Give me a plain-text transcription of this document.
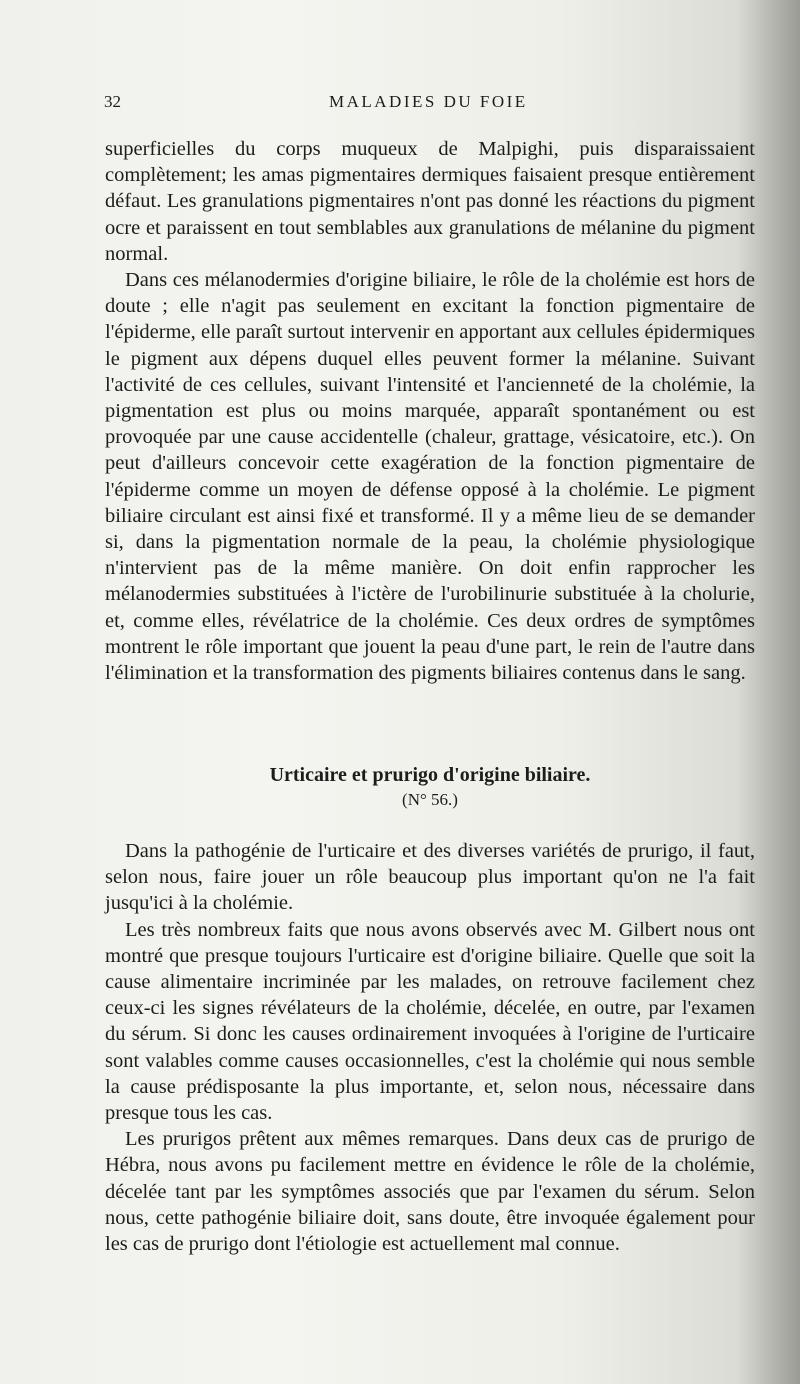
32	MALADIES DU FOIE

superficielles du corps muqueux de Malpighi, puis disparaissaient complètement; les amas pigmentaires dermiques faisaient presque entièrement défaut. Les granulations pigmentaires n'ont pas donné les réactions du pigment ocre et paraissent en tout semblables aux granulations de mélanine du pigment normal.

Dans ces mélanodermies d'origine biliaire, le rôle de la cholémie est hors de doute ; elle n'agit pas seulement en excitant la fonction pigmentaire de l'épiderme, elle paraît surtout intervenir en apportant aux cellules épidermiques le pigment aux dépens duquel elles peuvent former la mélanine. Suivant l'activité de ces cellules, suivant l'intensité et l'ancienneté de la cholémie, la pigmentation est plus ou moins marquée, apparaît spontanément ou est provoquée par une cause accidentelle (chaleur, grattage, vésicatoire, etc.). On peut d'ailleurs concevoir cette exagération de la fonction pigmentaire de l'épiderme comme un moyen de défense opposé à la cholémie. Le pigment biliaire circulant est ainsi fixé et transformé. Il y a même lieu de se demander si, dans la pigmentation normale de la peau, la cholémie physiologique n'intervient pas de la même manière. On doit enfin rapprocher les mélanodermies substituées à l'ictère de l'urobilinurie substituée à la cholurie, et, comme elles, révélatrice de la cholémie. Ces deux ordres de symptômes montrent le rôle important que jouent la peau d'une part, le rein de l'autre dans l'élimination et la transformation des pigments biliaires contenus dans le sang.

Urticaire et prurigo d'origine biliaire.
(N° 56.)

Dans la pathogénie de l'urticaire et des diverses variétés de prurigo, il faut, selon nous, faire jouer un rôle beaucoup plus important qu'on ne l'a fait jusqu'ici à la cholémie.

Les très nombreux faits que nous avons observés avec M. Gilbert nous ont montré que presque toujours l'urticaire est d'origine biliaire. Quelle que soit la cause alimentaire incriminée par les malades, on retrouve facilement chez ceux-ci les signes révélateurs de la cholémie, décelée, en outre, par l'examen du sérum. Si donc les causes ordinairement invoquées à l'origine de l'urticaire sont valables comme causes occasionnelles, c'est la cholémie qui nous semble la cause prédisposante la plus importante, et, selon nous, nécessaire dans presque tous les cas.

Les prurigos prêtent aux mêmes remarques. Dans deux cas de prurigo de Hébra, nous avons pu facilement mettre en évidence le rôle de la cholémie, décelée tant par les symptômes associés que par l'examen du sérum. Selon nous, cette pathogénie biliaire doit, sans doute, être invoquée également pour les cas de prurigo dont l'étiologie est actuellement mal connue.
